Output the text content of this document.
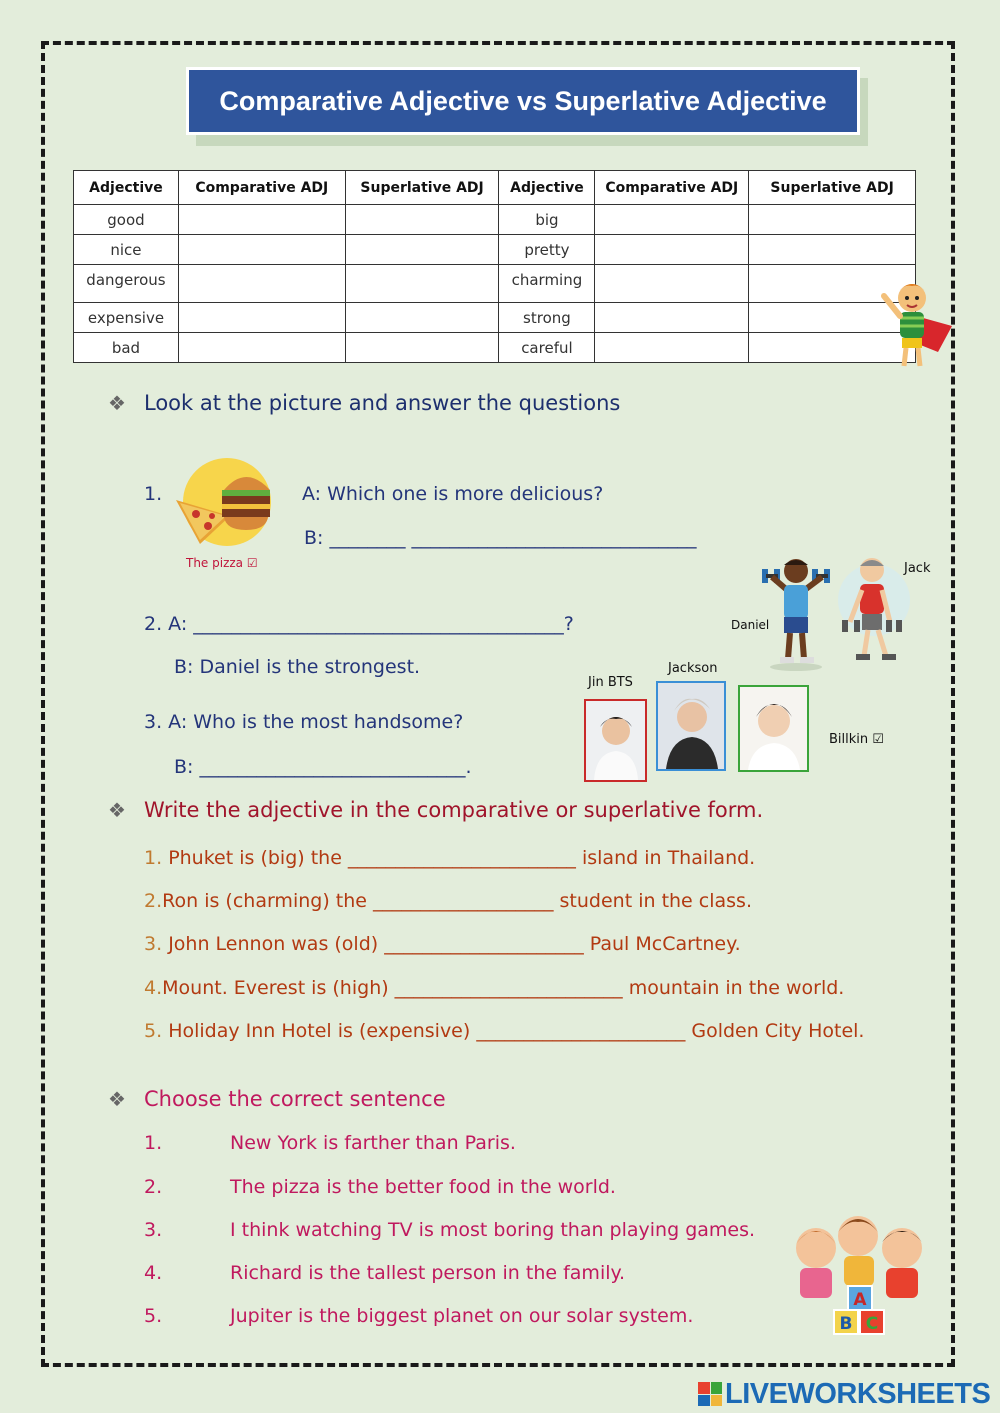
Comparative Adjective vs Superlative Adjective
Adjective	Comparative ADJ	Superlative ADJ	Adjective	Comparative ADJ	Superlative ADJ
good			big		
nice			pretty		
dangerous			charming		
expensive			strong		
bad			careful		
❖ Look at the picture and answer the questions
1.
The pizza ☑
A: Which one is more delicious?
B: ________ ______________________________
Jack
Daniel
2. A: _______________________________________?
B: Daniel is the strongest.
3. A: Who is the most handsome?
B: ____________________________.
Jin BTS
Jackson
Billkin ☑
❖ Write the adjective in the comparative or superlative form.
1. Phuket is (big) the ________________________ island in Thailand.
2.Ron is (charming) the ___________________ student in the class.
3. John Lennon was (old) _____________________ Paul McCartney.
4.Mount. Everest is (high) ________________________ mountain in the world.
5. Holiday Inn Hotel is (expensive) ______________________ Golden City Hotel.
❖ Choose the correct sentence
1.	New York is farther than Paris.
2.	The pizza is the better food in the world.
3.	I think watching TV is most boring than playing games.
4.	Richard is the tallest person in the family.
5.	Jupiter is the biggest planet on our solar system.
A
B C
LIVEWORKSHEETS
